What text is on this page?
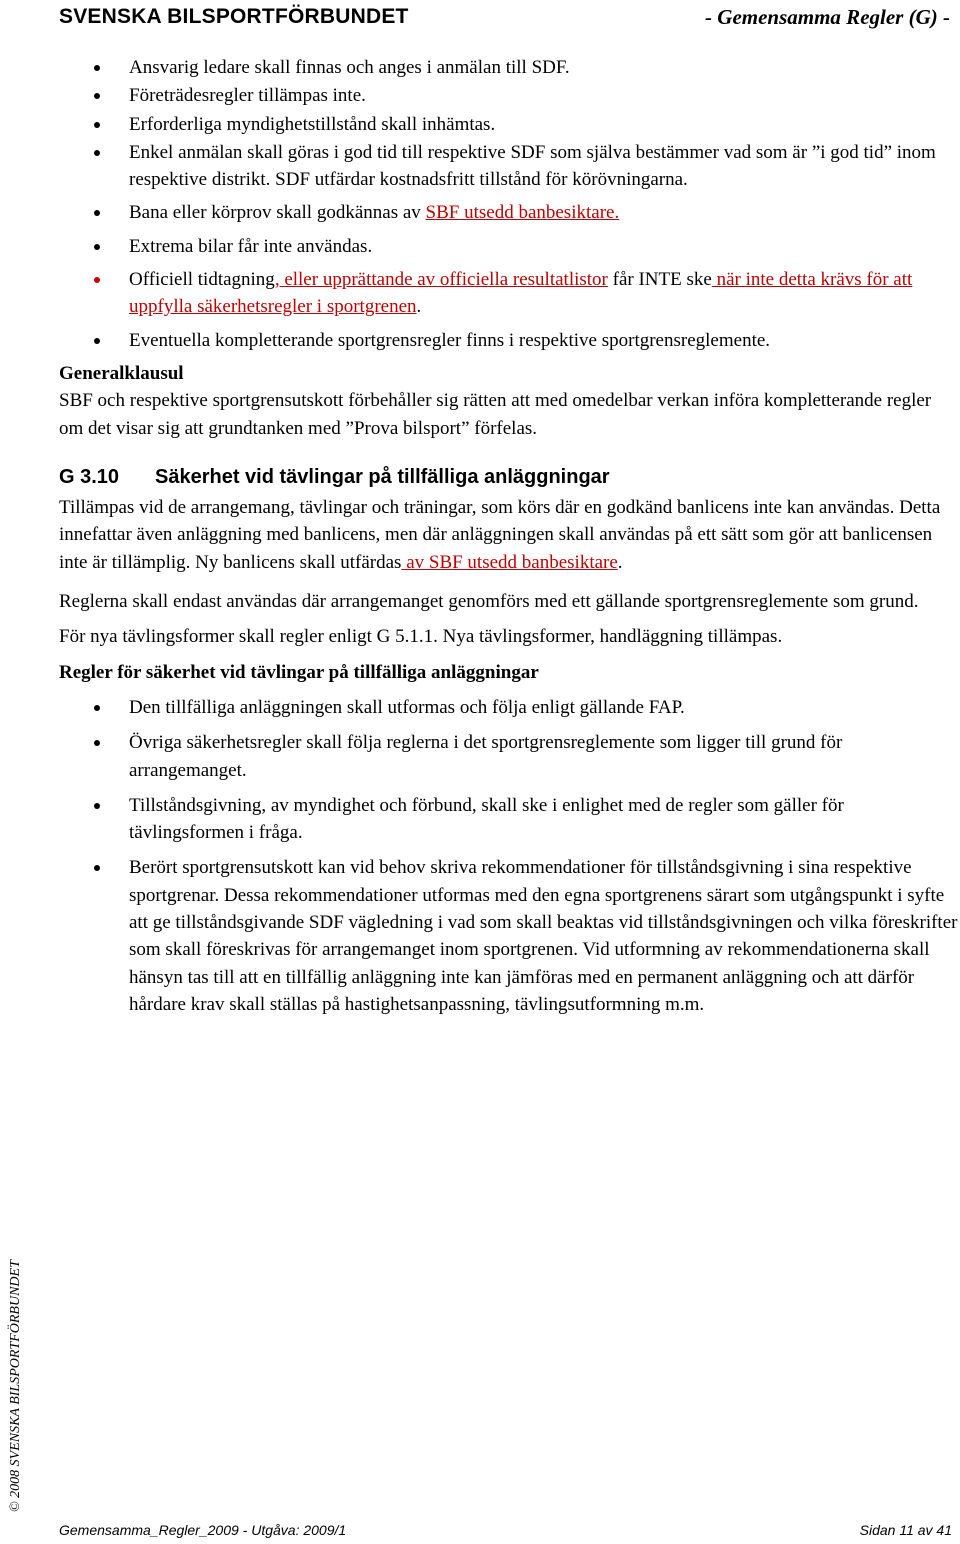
SVENSKA BILSPORTFÖRBUNDET	- Gemensamma Regler (G) -
Ansvarig ledare skall finnas och anges i anmälan till SDF.
Företrädesregler tillämpas inte.
Erforderliga myndighetstillstånd skall inhämtas.
Enkel anmälan skall göras i god tid till respektive SDF som själva bestämmer vad som är ”i god tid” inom respektive distrikt. SDF utfärdar kostnadsfritt tillstånd för körövningarna.
Bana eller körprov skall godkännas av SBF utsedd banbesiktare.
Extrema bilar får inte användas.
Officiell tidtagning, eller upprättande av officiella resultatlistor får INTE ske när inte detta krävs för att uppfylla säkerhetsregler i sportgrenen.
Eventuella kompletterande sportgrensregler finns i respektive sportgrensreglemente.

Generalklausul

SBF och respektive sportgrensutskott förbehåller sig rätten att med omedelbar verkan införa kompletterande regler om det visar sig att grundtanken med ”Prova bilsport” förfelas.

G 3.10 Säkerhet vid tävlingar på tillfälliga anläggningar

Tillämpas vid de arrangemang, tävlingar och träningar, som körs där en godkänd banlicens inte kan användas. Detta innefattar även anläggning med banlicens, men där anläggningen skall användas på ett sätt som gör att banlicensen inte är tillämplig. Ny banlicens skall utfärdas av SBF utsedd banbesiktare.

Reglerna skall endast användas där arrangemanget genomförs med ett gällande sportgrensreglemente som grund.

För nya tävlingsformer skall regler enligt G 5.1.1. Nya tävlingsformer, handläggning tillämpas.

Regler för säkerhet vid tävlingar på tillfälliga anläggningar

Den tillfälliga anläggningen skall utformas och följa enligt gällande FAP.
Övriga säkerhetsregler skall följa reglerna i det sportgrensreglemente som ligger till grund för arrangemanget.
Tillståndsgivning, av myndighet och förbund, skall ske i enlighet med de regler som gäller för tävlingsformen i fråga.
Berört sportgrensutskott kan vid behov skriva rekommendationer för tillståndsgivning i sina respektive sportgrenar. Dessa rekommendationer utformas med den egna sportgrenens särart som utgångspunkt i syfte att ge tillståndsgivande SDF vägledning i vad som skall beaktas vid tillståndsgivningen och vilka föreskrifter som skall föreskrivas för arrangemanget inom sportgrenen. Vid utformning av rekommendationerna skall hänsyn tas till att en tillfällig anläggning inte kan jämföras med en permanent anläggning och att därför hårdare krav skall ställas på hastighetsanpassning, tävlingsutformning m.m.
© 2008 SVENSKA BILSPORTFÖRBUNDET
Gemensamma_Regler_2009 - Utgåva: 2009/1	Sidan 11 av 41
